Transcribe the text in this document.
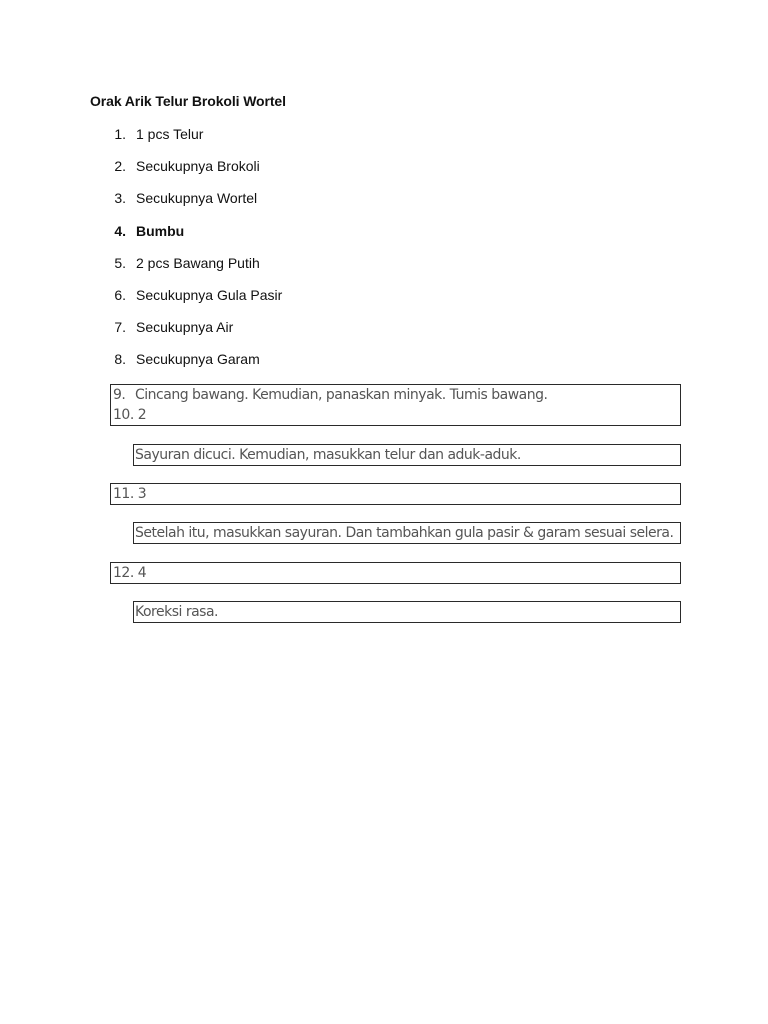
Orak Arik Telur Brokoli Wortel
1. 1 pcs Telur
2. Secukupnya Brokoli
3. Secukupnya Wortel
4. Bumbu
5. 2 pcs Bawang Putih
6. Secukupnya Gula Pasir
7. Secukupnya Air
8. Secukupnya Garam
9. Cincang bawang. Kemudian, panaskan minyak. Tumis bawang.
10. 2
Sayuran dicuci. Kemudian, masukkan telur dan aduk-aduk.
11. 3
Setelah itu, masukkan sayuran. Dan tambahkan gula pasir & garam sesuai selera.
12. 4
Koreksi rasa.
